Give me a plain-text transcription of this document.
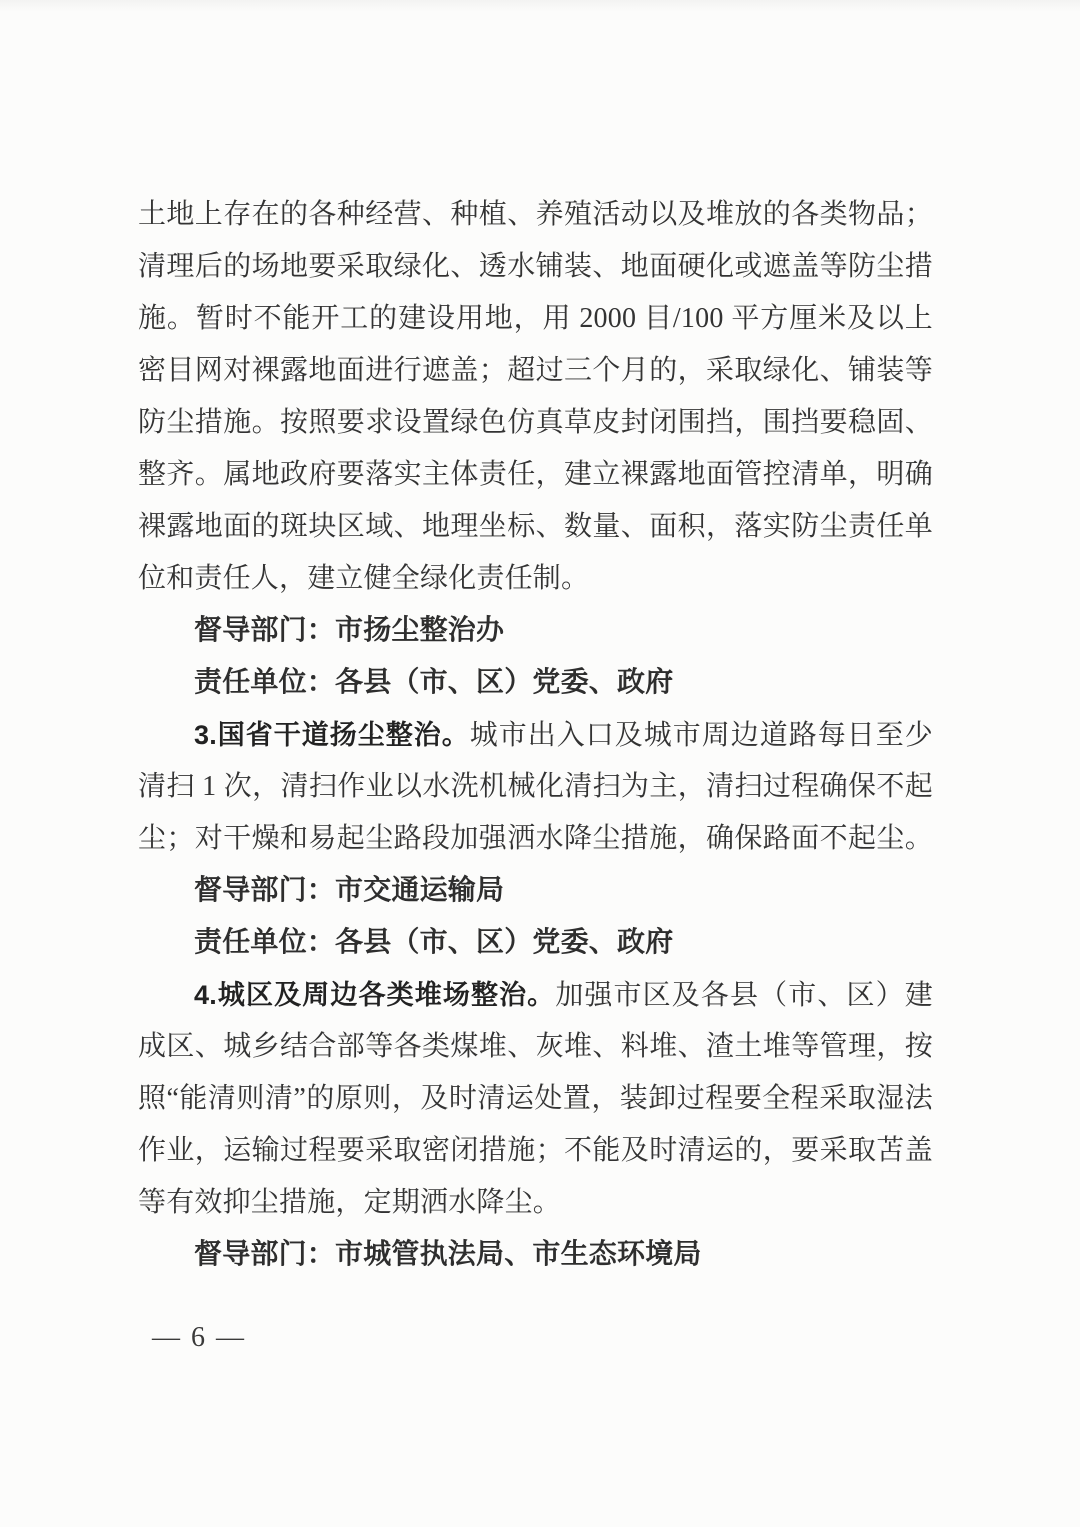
土地上存在的各种经营、种植、养殖活动以及堆放的各类物品；
清理后的场地要采取绿化、透水铺装、地面硬化或遮盖等防尘措
施。暂时不能开工的建设用地，用 2000 目/100 平方厘米及以上
密目网对裸露地面进行遮盖；超过三个月的，采取绿化、铺装等
防尘措施。按照要求设置绿色仿真草皮封闭围挡，围挡要稳固、
整齐。属地政府要落实主体责任，建立裸露地面管控清单，明确
裸露地面的斑块区域、地理坐标、数量、面积，落实防尘责任单
位和责任人，建立健全绿化责任制。
督导部门：市扬尘整治办
责任单位：各县（市、区）党委、政府
3.国省干道扬尘整治。城市出入口及城市周边道路每日至少
清扫 1 次，清扫作业以水洗机械化清扫为主，清扫过程确保不起
尘；对干燥和易起尘路段加强洒水降尘措施，确保路面不起尘。
督导部门：市交通运输局
责任单位：各县（市、区）党委、政府
4.城区及周边各类堆场整治。加强市区及各县（市、区）建
成区、城乡结合部等各类煤堆、灰堆、料堆、渣土堆等管理，按
照“能清则清”的原则，及时清运处置，装卸过程要全程采取湿法
作业，运输过程要采取密闭措施；不能及时清运的，要采取苫盖
等有效抑尘措施，定期洒水降尘。
督导部门：市城管执法局、市生态环境局
— 6 —
